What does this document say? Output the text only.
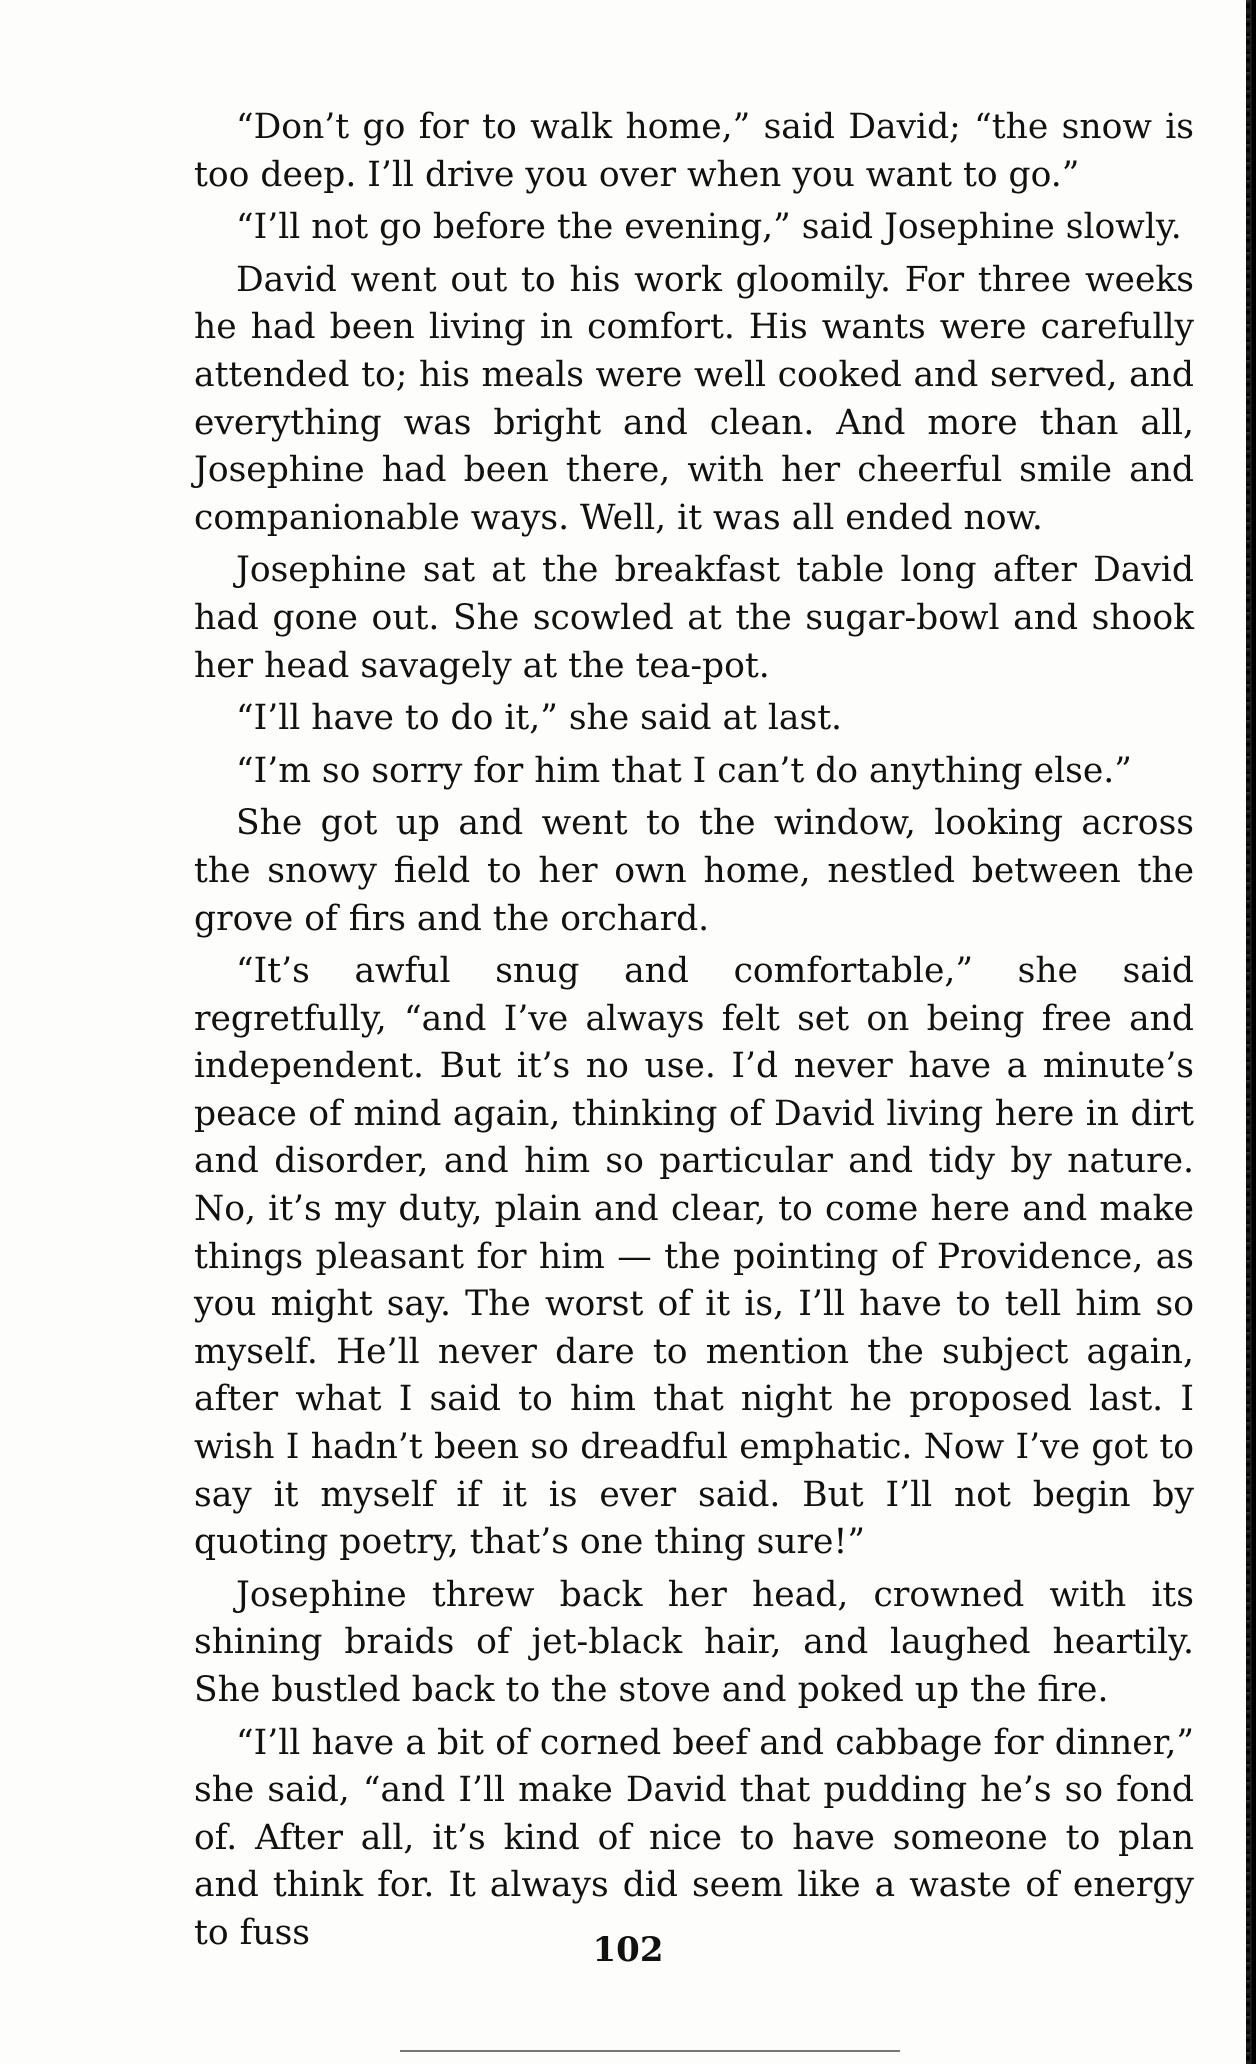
“Don’t go for to walk home,” said David; “the snow is too deep. I’ll drive you over when you want to go.”

“I’ll not go before the evening,” said Josephine slowly.

David went out to his work gloomily. For three weeks he had been living in comfort. His wants were carefully attended to; his meals were well cooked and served, and everything was bright and clean. And more than all, Josephine had been there, with her cheerful smile and companionable ways. Well, it was all ended now.

Josephine sat at the breakfast table long after David had gone out. She scowled at the sugar-bowl and shook her head savagely at the tea-pot.

“I’ll have to do it,” she said at last.

“I’m so sorry for him that I can’t do anything else.”

She got up and went to the window, looking across the snowy field to her own home, nestled between the grove of firs and the orchard.

“It’s awful snug and comfortable,” she said regretfully, “and I’ve always felt set on being free and independent. But it’s no use. I’d never have a minute’s peace of mind again, thinking of David living here in dirt and disorder, and him so particular and tidy by nature. No, it’s my duty, plain and clear, to come here and make things pleasant for him — the pointing of Providence, as you might say. The worst of it is, I’ll have to tell him so myself. He’ll never dare to mention the subject again, after what I said to him that night he proposed last. I wish I hadn’t been so dreadful emphatic. Now I’ve got to say it myself if it is ever said. But I’ll not begin by quoting poetry, that’s one thing sure!”

Josephine threw back her head, crowned with its shining braids of jet-black hair, and laughed heartily. She bustled back to the stove and poked up the fire.

“I’ll have a bit of corned beef and cabbage for dinner,” she said, “and I’ll make David that pudding he’s so fond of. After all, it’s kind of nice to have someone to plan and think for. It always did seem like a waste of energy to fuss	102
